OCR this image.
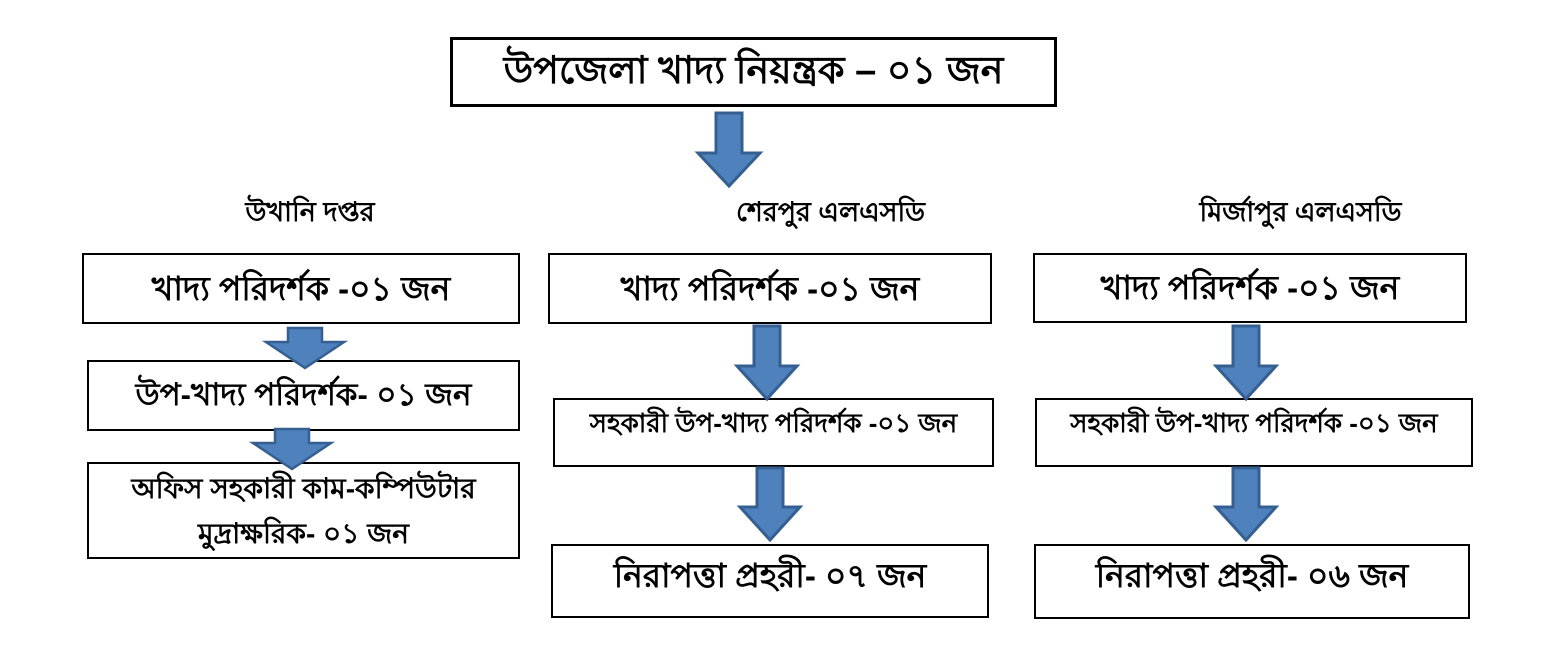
উপজেলা খাদ্য নিয়ন্ত্রক – ০১ জন
উখানি দপ্তর	শেরপুর এলএসডি	মির্জাপুর এলএসডি
খাদ্য পরিদর্শক -০১ জন
উপ-খাদ্য পরিদর্শক- ০১ জন
অফিস সহকারী কাম-কম্পিউটার মুদ্রাক্ষরিক- ০১ জন
খাদ্য পরিদর্শক -০১ জন
সহকারী উপ-খাদ্য পরিদর্শক -০১ জন
নিরাপত্তা প্রহরী- ০৭ জন
খাদ্য পরিদর্শক -০১ জন
সহকারী উপ-খাদ্য পরিদর্শক -০১ জন
নিরাপত্তা প্রহরী- ০৬ জন
